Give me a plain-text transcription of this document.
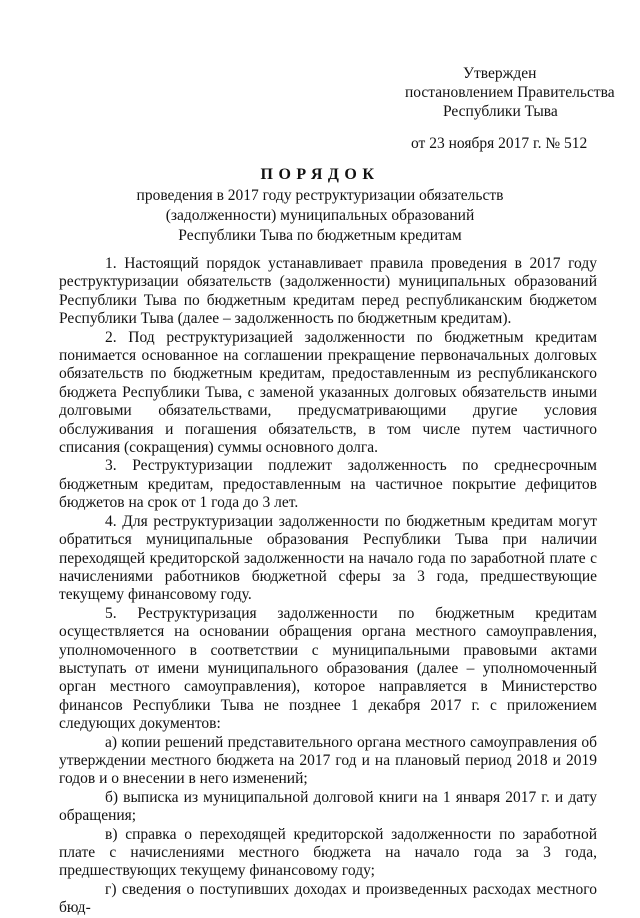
Утвержден
постановлением Правительства
Республики Тыва
от 23 ноября 2017 г. № 512
ПОРЯДОК
проведения в 2017 году реструктуризации обязательств
(задолженности) муниципальных образований
Республики Тыва по бюджетным кредитам

1. Настоящий порядок устанавливает правила проведения в 2017 году реструктуризации обязательств (задолженности) муниципальных образований Республики Тыва по бюджетным кредитам перед республиканским бюджетом Республики Тыва (далее – задолженность по бюджетным кредитам).

2. Под реструктуризацией задолженности по бюджетным кредитам понимается основанное на соглашении прекращение первоначальных долговых обязательств по бюджетным кредитам, предоставленным из республиканского бюджета Республики Тыва, с заменой указанных долговых обязательств иными долговыми обязательствами, предусматривающими другие условия обслуживания и погашения обязательств, в том числе путем частичного списания (сокращения) суммы основного долга.

3. Реструктуризации подлежит задолженность по среднесрочным бюджетным кредитам, предоставленным на частичное покрытие дефицитов бюджетов на срок от 1 года до 3 лет.

4. Для реструктуризации задолженности по бюджетным кредитам могут обратиться муниципальные образования Республики Тыва при наличии переходящей кредиторской задолженности на начало года по заработной плате с начислениями работников бюджетной сферы за 3 года, предшествующие текущему финансовому году.

5. Реструктуризация задолженности по бюджетным кредитам осуществляется на основании обращения органа местного самоуправления, уполномоченного в соответствии с муниципальными правовыми актами выступать от имени муниципального образования (далее – уполномоченный орган местного самоуправления), которое направляется в Министерство финансов Республики Тыва не позднее 1 декабря 2017 г. с приложением следующих документов:

а) копии решений представительного органа местного самоуправления об утверждении местного бюджета на 2017 год и на плановый период 2018 и 2019 годов и о внесении в него изменений;

б) выписка из муниципальной долговой книги на 1 января 2017 г. и дату обращения;

в) справка о переходящей кредиторской задолженности по заработной плате с начислениями местного бюджета на начало года за 3 года, предшествующих текущему финансовому году;

г) сведения о поступивших доходах и произведенных расходах местного бюд-
